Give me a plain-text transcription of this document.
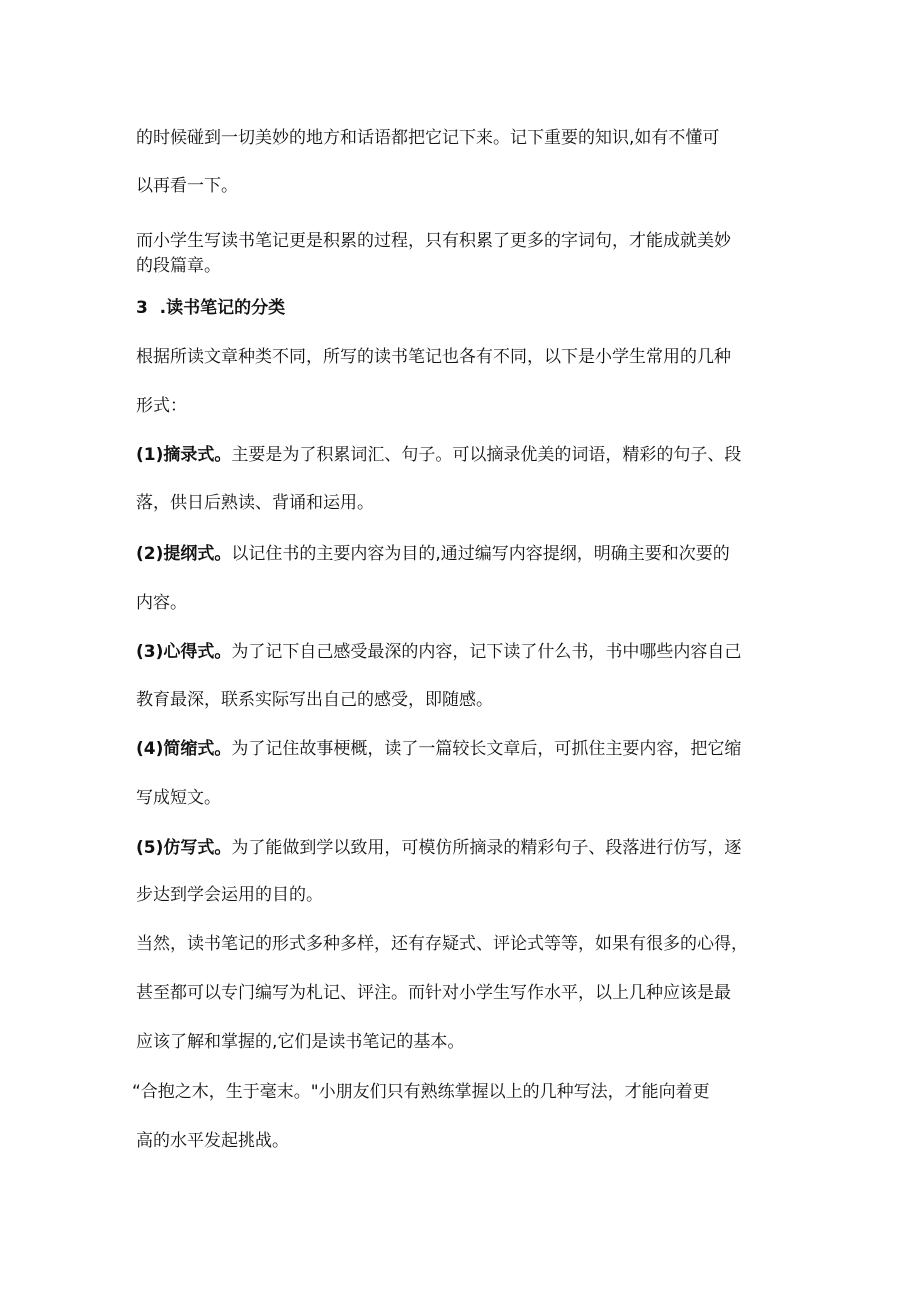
的时候碰到一切美妙的地方和话语都把它记下来。记下重要的知识,如有不懂可
以再看一下。
而小学生写读书笔记更是积累的过程，只有积累了更多的字词句，才能成就美妙
的段篇章。
3  .读书笔记的分类
根据所读文章种类不同，所写的读书笔记也各有不同，以下是小学生常用的几种
形式：
(1)摘录式。主要是为了积累词汇、句子。可以摘录优美的词语，精彩的句子、段
落，供日后熟读、背诵和运用。
(2)提纲式。以记住书的主要内容为目的,通过编写内容提纲，明确主要和次要的
内容。
(3)心得式。为了记下自己感受最深的内容，记下读了什么书，书中哪些内容自己
教育最深，联系实际写出自己的感受，即随感。
(4)简缩式。为了记住故事梗概，读了一篇较长文章后，可抓住主要内容，把它缩
写成短文。
(5)仿写式。为了能做到学以致用，可模仿所摘录的精彩句子、段落进行仿写，逐
步达到学会运用的目的。
当然，读书笔记的形式多种多样，还有存疑式、评论式等等，如果有很多的心得，
甚至都可以专门编写为札记、评注。而针对小学生写作水平，以上几种应该是最
应该了解和掌握的,它们是读书笔记的基本。
“合抱之木，生于毫末。"小朋友们只有熟练掌握以上的几种写法，才能向着更
高的水平发起挑战。
